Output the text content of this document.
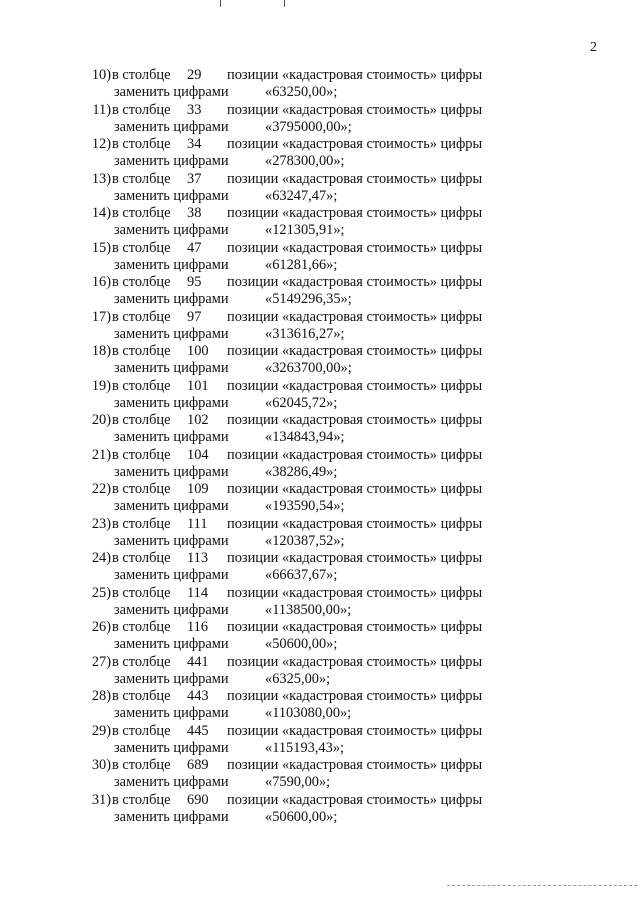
2
10) в столбце 29 позиции «кадастровая стоимость» цифры
заменить цифрами	«63250,00»;
11) в столбце 33 позиции «кадастровая стоимость» цифры
заменить цифрами	«3795000,00»;
12) в столбце 34 позиции «кадастровая стоимость» цифры
заменить цифрами	«278300,00»;
13) в столбце 37 позиции «кадастровая стоимость» цифры
заменить цифрами	«63247,47»;
14) в столбце 38 позиции «кадастровая стоимость» цифры
заменить цифрами	«121305,91»;
15) в столбце 47 позиции «кадастровая стоимость» цифры
заменить цифрами	«61281,66»;
16) в столбце 95 позиции «кадастровая стоимость» цифры
заменить цифрами	«5149296,35»;
17) в столбце 97 позиции «кадастровая стоимость» цифры
заменить цифрами	«313616,27»;
18) в столбце 100 позиции «кадастровая стоимость» цифры
заменить цифрами	«3263700,00»;
19) в столбце 101 позиции «кадастровая стоимость» цифры
заменить цифрами	«62045,72»;
20) в столбце 102 позиции «кадастровая стоимость» цифры
заменить цифрами	«134843,94»;
21) в столбце 104 позиции «кадастровая стоимость» цифры
заменить цифрами	«38286,49»;
22) в столбце 109 позиции «кадастровая стоимость» цифры
заменить цифрами	«193590,54»;
23) в столбце 111 позиции «кадастровая стоимость» цифры
заменить цифрами	«120387,52»;
24) в столбце 113 позиции «кадастровая стоимость» цифры
заменить цифрами	«66637,67»;
25) в столбце 114 позиции «кадастровая стоимость» цифры
заменить цифрами	«1138500,00»;
26) в столбце 116 позиции «кадастровая стоимость» цифры
заменить цифрами	«50600,00»;
27) в столбце 441 позиции «кадастровая стоимость» цифры
заменить цифрами	«6325,00»;
28) в столбце 443 позиции «кадастровая стоимость» цифры
заменить цифрами	«1103080,00»;
29) в столбце 445 позиции «кадастровая стоимость» цифры
заменить цифрами	«115193,43»;
30) в столбце 689 позиции «кадастровая стоимость» цифры
заменить цифрами	«7590,00»;
31) в столбце 690 позиции «кадастровая стоимость» цифры
заменить цифрами	«50600,00»;
